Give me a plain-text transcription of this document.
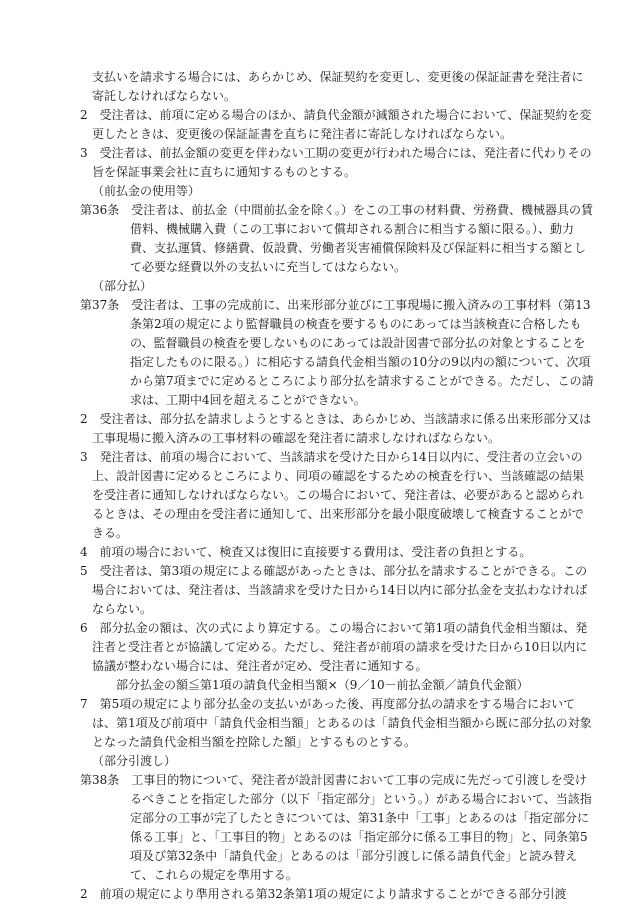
支払いを請求する場合には、あらかじめ、保証契約を変更し、変更後の保証証書を発注者に寄託しなければならない。

2　受注者は、前項に定める場合のほか、請負代金額が減額された場合において、保証契約を変更したときは、変更後の保証証書を直ちに発注者に寄託しなければならない。

3　受注者は、前払金額の変更を伴わない工期の変更が行われた場合には、発注者に代わりその旨を保証事業会社に直ちに通知するものとする。

（前払金の使用等）

第36条　受注者は、前払金（中間前払金を除く。）をこの工事の材料費、労務費、機械器具の賃借料、機械購入費（この工事において償却される割合に相当する額に限る。）、動力費、支払運賃、修繕費、仮設費、労働者災害補償保険料及び保証料に相当する額として必要な経費以外の支払いに充当してはならない。

（部分払）

第37条　受注者は、工事の完成前に、出来形部分並びに工事現場に搬入済みの工事材料（第13条第2項の規定により監督職員の検査を要するものにあっては当該検査に合格したもの、監督職員の検査を要しないものにあっては設計図書で部分払の対象とすることを指定したものに限る。）に相応する請負代金相当額の10分の9以内の額について、次項から第7項までに定めるところにより部分払を請求することができる。ただし、この請求は、工期中4回を超えることができない。

2　受注者は、部分払を請求しようとするときは、あらかじめ、当該請求に係る出来形部分又は工事現場に搬入済みの工事材料の確認を発注者に請求しなければならない。

3　発注者は、前項の場合において、当該請求を受けた日から14日以内に、受注者の立会いの上、設計図書に定めるところにより、同項の確認をするための検査を行い、当該確認の結果を受注者に通知しなければならない。この場合において、発注者は、必要があると認められるときは、その理由を受注者に通知して、出来形部分を最小限度破壊して検査することができる。

4　前項の場合において、検査又は復旧に直接要する費用は、受注者の負担とする。

5　受注者は、第3項の規定による確認があったときは、部分払を請求することができる。この場合においては、発注者は、当該請求を受けた日から14日以内に部分払金を支払わなければならない。

6　部分払金の額は、次の式により算定する。この場合において第1項の請負代金相当額は、発注者と受注者とが協議して定める。ただし、発注者が前項の請求を受けた日から10日以内に協議が整わない場合には、発注者が定め、受注者に通知する。

部分払金の額≦第1項の請負代金相当額×（9／10－前払金額／請負代金額）

7　第5項の規定により部分払金の支払いがあった後、再度部分払の請求をする場合においては、第1項及び前項中「請負代金相当額」とあるのは「請負代金相当額から既に部分払の対象となった請負代金相当額を控除した額」とするものとする。

（部分引渡し）

第38条　工事目的物について、発注者が設計図書において工事の完成に先だって引渡しを受けるべきことを指定した部分（以下「指定部分」という。）がある場合において、当該指定部分の工事が完了したときについては、第31条中「工事」とあるのは「指定部分に係る工事」と、「工事目的物」とあるのは「指定部分に係る工事目的物」と、同条第5項及び第32条中「請負代金」とあるのは「部分引渡しに係る請負代金」と読み替えて、これらの規定を準用する。

2　前項の規定により準用される第32条第1項の規定により請求することができる部分引渡
